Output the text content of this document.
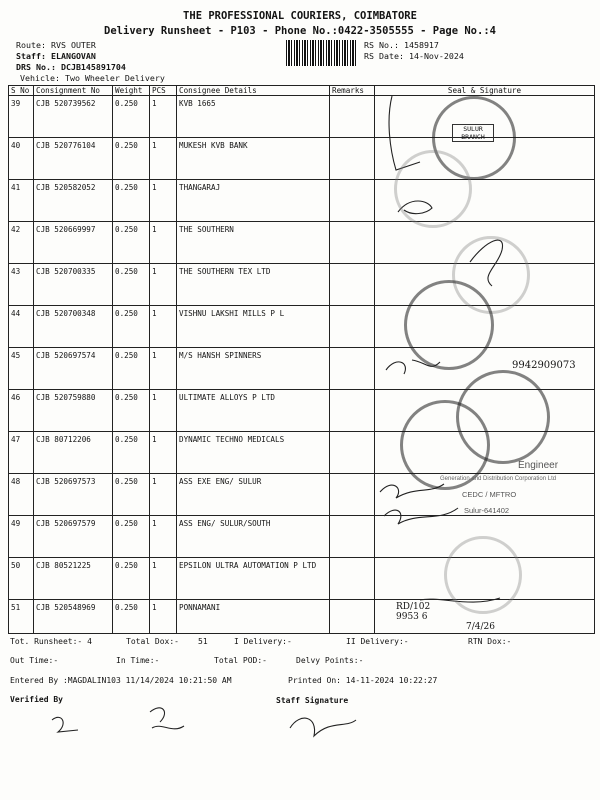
THE PROFESSIONAL COURIERS, COIMBATORE
Delivery Runsheet - P103 - Phone No.:0422-3505555 - Page No.:4
Route: RVS OUTER
Staff: ELANGOVAN
DRS No.: DCJB145891704
Vehicle: Two Wheeler Delivery
RS No.: 1458917
RS Date: 14-Nov-2024
S No	Consignment No	Weight	PCS	Consignee Details	Remarks	Seal & Signature
39	CJB 520739562	0.250	1	KVB 1665		
40	CJB 520776104	0.250	1	MUKESH KVB BANK		
41	CJB 520582052	0.250	1	THANGARAJ		
42	CJB 520669997	0.250	1	THE SOUTHERN		
43	CJB 520700335	0.250	1	THE SOUTHERN TEX LTD		
44	CJB 520700348	0.250	1	VISHNU LAKSHI MILLS P L		
45	CJB 520697574	0.250	1	M/S HANSH SPINNERS		
46	CJB 520759880	0.250	1	ULTIMATE ALLOYS P LTD		
47	CJB 80712206	0.250	1	DYNAMIC TECHNO MEDICALS		
48	CJB 520697573	0.250	1	ASS EXE ENG/ SULUR		
49	CJB 520697579	0.250	1	ASS ENG/ SULUR/SOUTH		
50	CJB 80521225	0.250	1	EPSILON ULTRA AUTOMATION P LTD		
51	CJB 520548969	0.250	1	PONNAMANI		
SULUR BRANCH
9942909073
Engineer
Generation and Distribution Corporation Ltd
CEDC / MFTRO
Sulur-641402
RD/102 9953 6
7/4/26
Tot. Runsheet:- 4	Total Dox:- 51	I Delivery:-	II Delivery:-	RTN Dox:-
Out Time:-	In Time:-	Total POD:-	Delvy Points:-
Entered By :MAGDALIN103 11/14/2024 10:21:50 AM	Printed On: 14-11-2024 10:22:27
Verified By	Staff Signature
